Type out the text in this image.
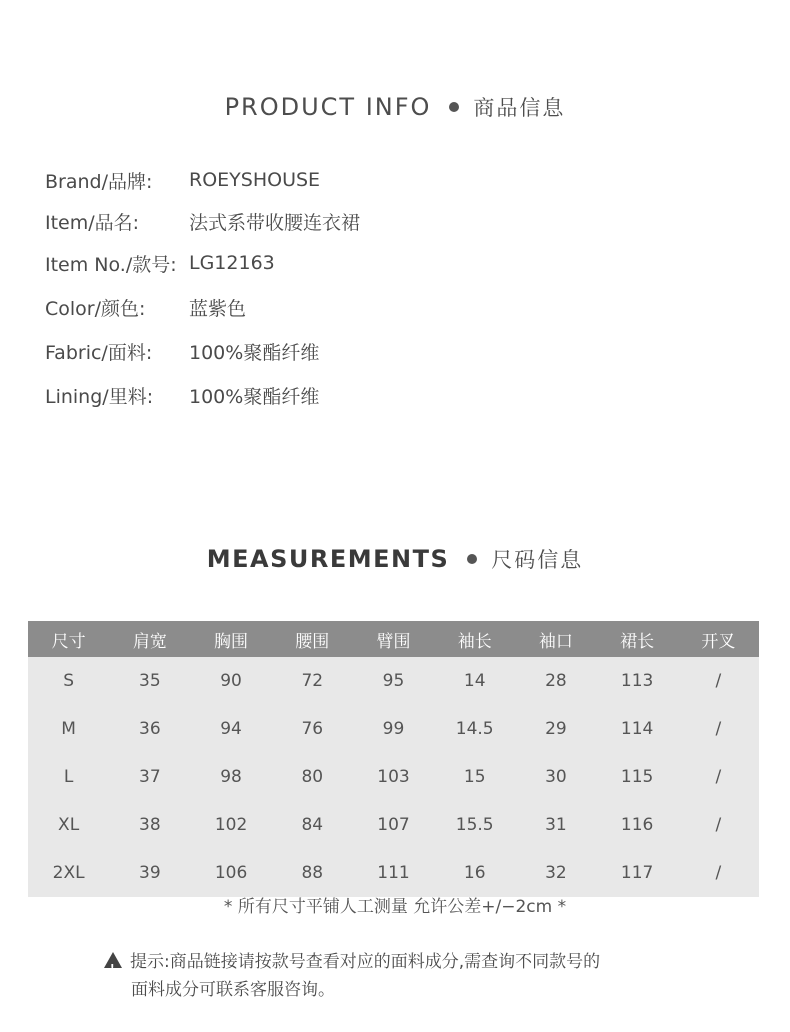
PRODUCT INFO 商品信息
Brand/品牌:	ROEYSHOUSE
Item/品名:	法式系带收腰连衣裙
Item No./款号: LG12163
Color/颜色:	蓝紫色
Fabric/面料:	100%聚酯纤维
Lining/里料:	100%聚酯纤维
MEASUREMENTS 尺码信息
尺寸	肩宽	胸围	腰围	臂围	袖长	袖口	裙长	开叉
S	35	90	72	95	14	28	113	/
M	36	94	76	99	14.5	29	114	/
L	37	98	80	103	15	30	115	/
XL	38	102	84	107	15.5	31	116	/
2XL	39	106	88	111	16	32	117	/
* 所有尺寸平铺人工测量 允许公差+/−2cm *
!提示:商品链接请按款号查看对应的面料成分,需查询不同款号的
面料成分可联系客服咨询。
